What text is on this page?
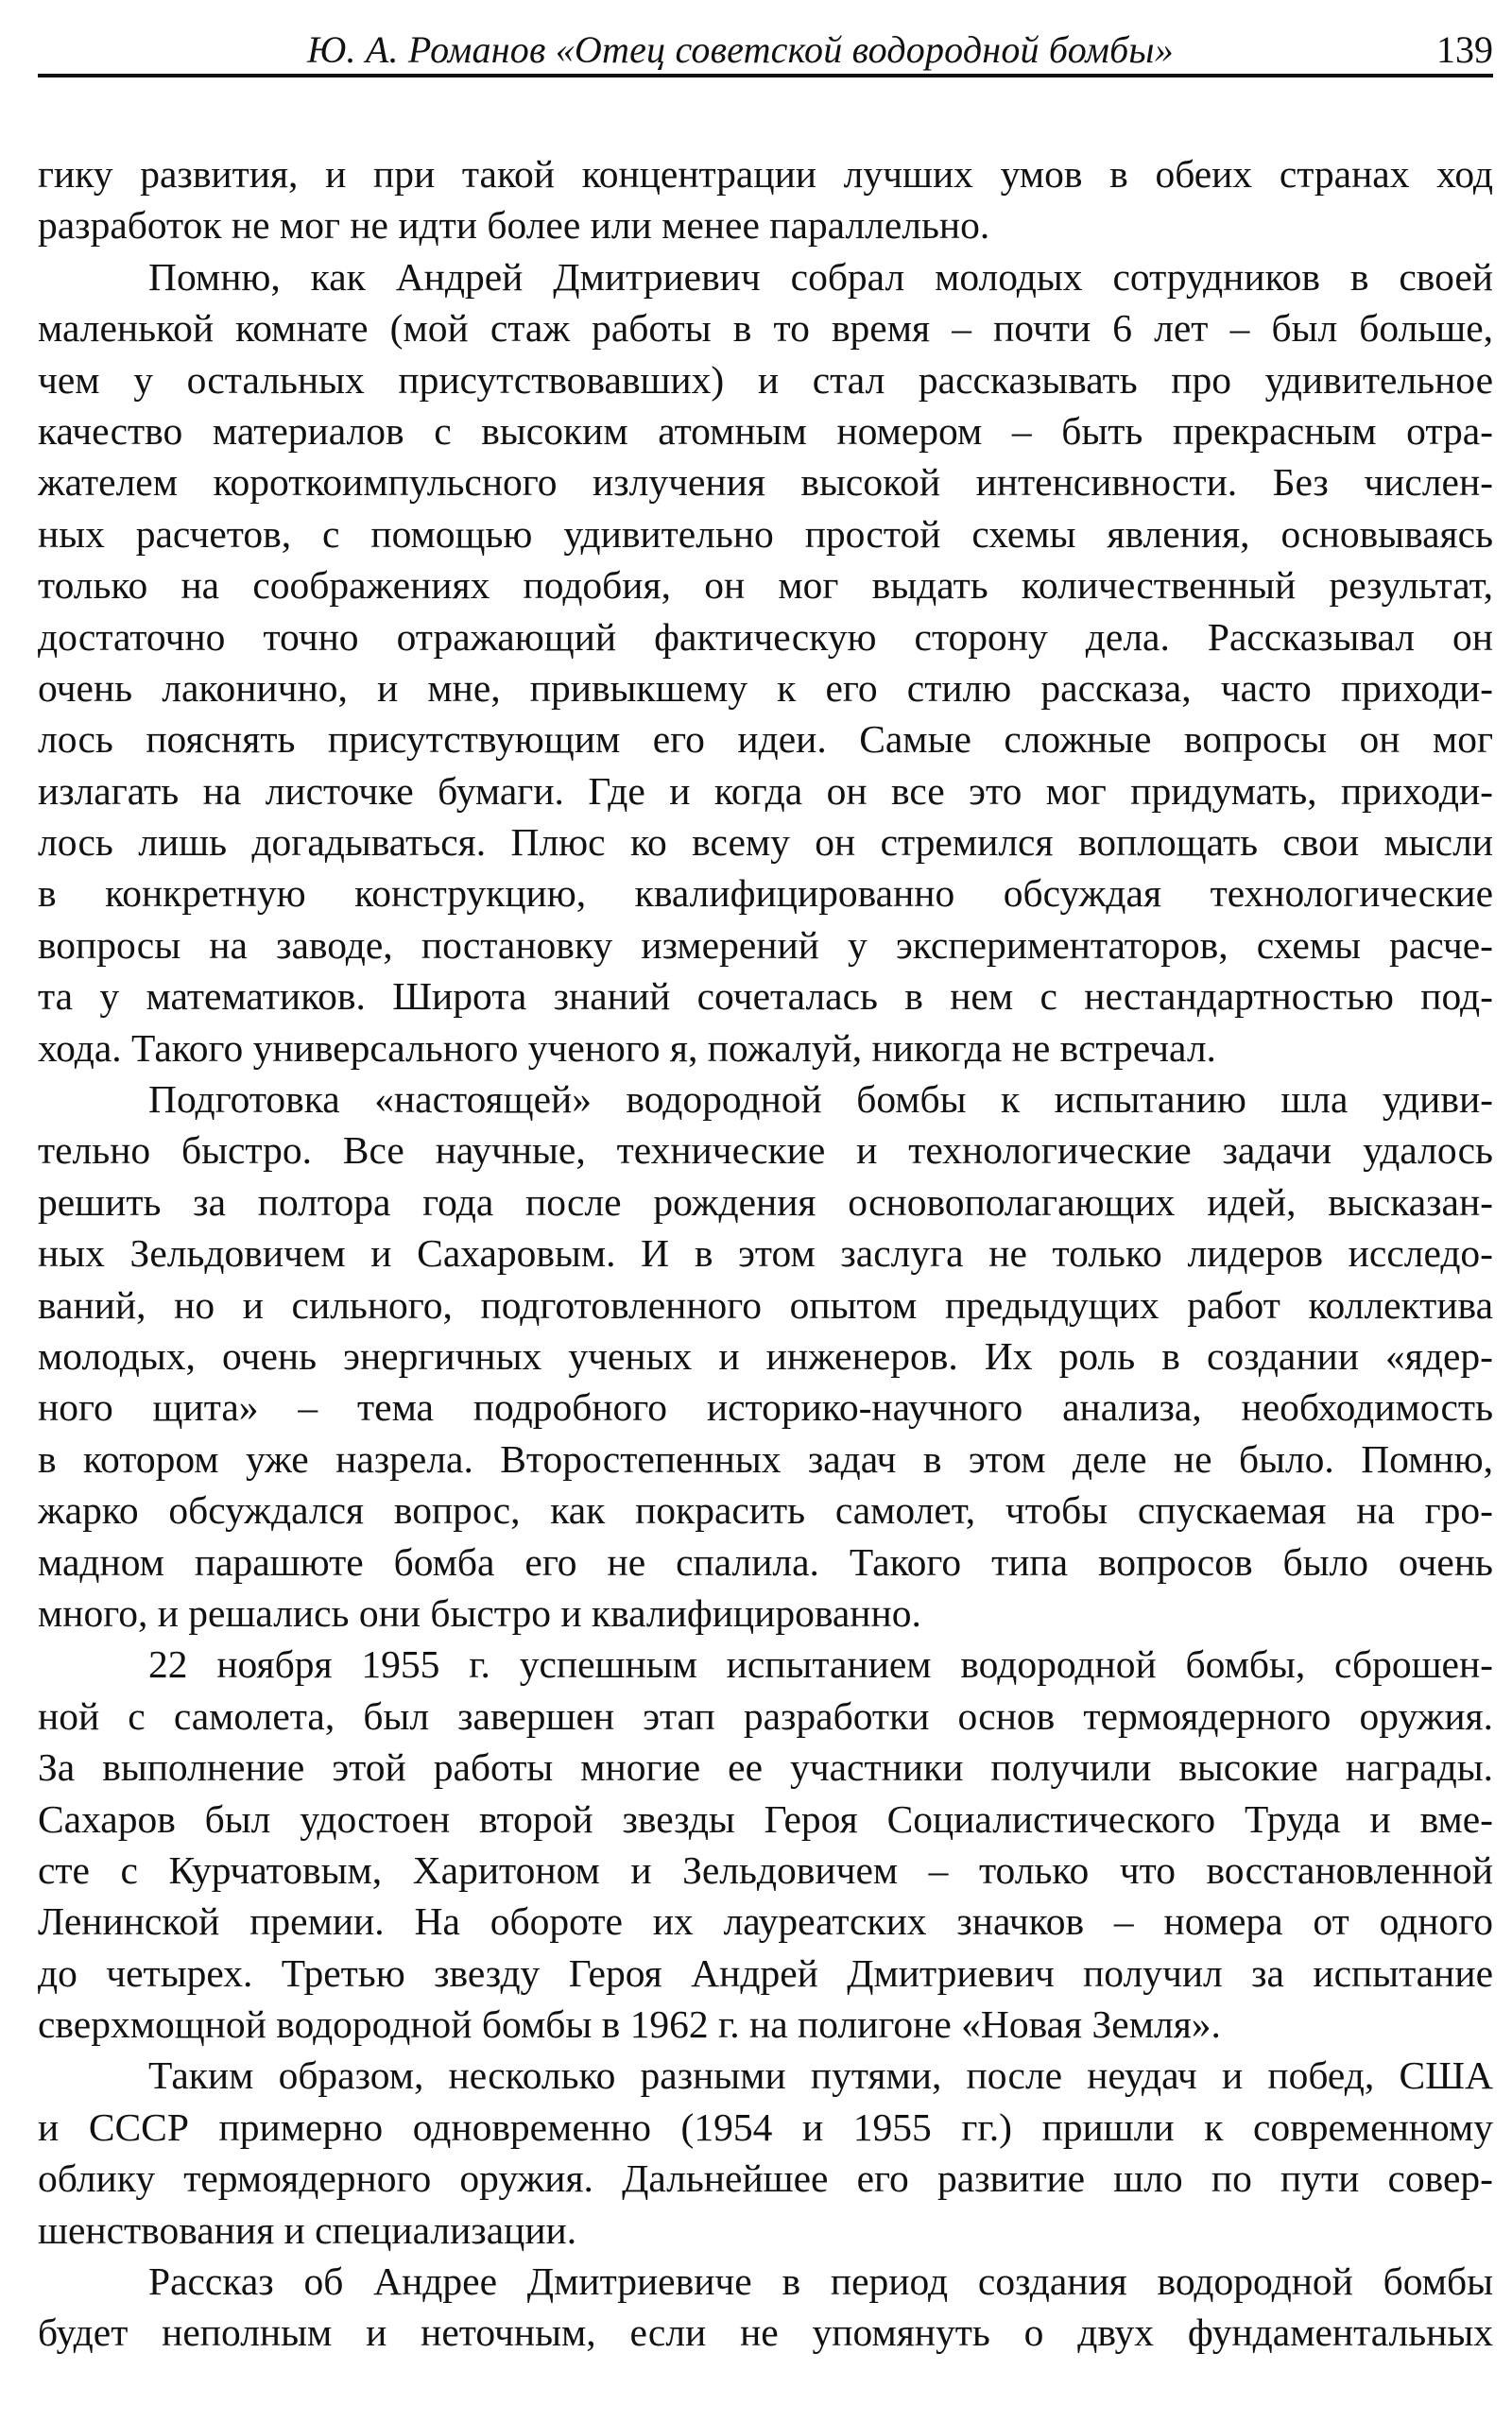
Ю. А. Романов «Отец советской водородной бомбы»	139
гику развития, и при такой концентрации лучших умов в обеих странах ход
разработок не мог не идти более или менее параллельно.
Помню, как Андрей Дмитриевич собрал молодых сотрудников в своей
маленькой комнате (мой стаж работы в то время – почти 6 лет – был больше,
чем у остальных присутствовавших) и стал рассказывать про удивительное
качество материалов с высоким атомным номером – быть прекрасным отра-
жателем короткоимпульсного излучения высокой интенсивности. Без числен-
ных расчетов, с помощью удивительно простой схемы явления, основываясь
только на соображениях подобия, он мог выдать количественный результат,
достаточно точно отражающий фактическую сторону дела. Рассказывал он
очень лаконично, и мне, привыкшему к его стилю рассказа, часто приходи-
лось пояснять присутствующим его идеи. Самые сложные вопросы он мог
излагать на листочке бумаги. Где и когда он все это мог придумать, приходи-
лось лишь догадываться. Плюс ко всему он стремился воплощать свои мысли
в конкретную конструкцию, квалифицированно обсуждая технологические
вопросы на заводе, постановку измерений у экспериментаторов, схемы расче-
та у математиков. Широта знаний сочеталась в нем с нестандартностью под-
хода. Такого универсального ученого я, пожалуй, никогда не встречал.
Подготовка «настоящей» водородной бомбы к испытанию шла удиви-
тельно быстро. Все научные, технические и технологические задачи удалось
решить за полтора года после рождения основополагающих идей, высказан-
ных Зельдовичем и Сахаровым. И в этом заслуга не только лидеров исследо-
ваний, но и сильного, подготовленного опытом предыдущих работ коллектива
молодых, очень энергичных ученых и инженеров. Их роль в создании «ядер-
ного щита» – тема подробного историко-научного анализа, необходимость
в котором уже назрела. Второстепенных задач в этом деле не было. Помню,
жарко обсуждался вопрос, как покрасить самолет, чтобы спускаемая на гро-
мадном парашюте бомба его не спалила. Такого типа вопросов было очень
много, и решались они быстро и квалифицированно.
22 ноября 1955 г. успешным испытанием водородной бомбы, сброшен-
ной с самолета, был завершен этап разработки основ термоядерного оружия.
За выполнение этой работы многие ее участники получили высокие награды.
Сахаров был удостоен второй звезды Героя Социалистического Труда и вме-
сте с Курчатовым, Харитоном и Зельдовичем – только что восстановленной
Ленинской премии. На обороте их лауреатских значков – номера от одного
до четырех. Третью звезду Героя Андрей Дмитриевич получил за испытание
сверхмощной водородной бомбы в 1962 г. на полигоне «Новая Земля».
Таким образом, несколько разными путями, после неудач и побед, США
и СССР примерно одновременно (1954 и 1955 гг.) пришли к современному
облику термоядерного оружия. Дальнейшее его развитие шло по пути совер-
шенствования и специализации.
Рассказ об Андрее Дмитриевиче в период создания водородной бомбы
будет неполным и неточным, если не упомянуть о двух фундаментальных
